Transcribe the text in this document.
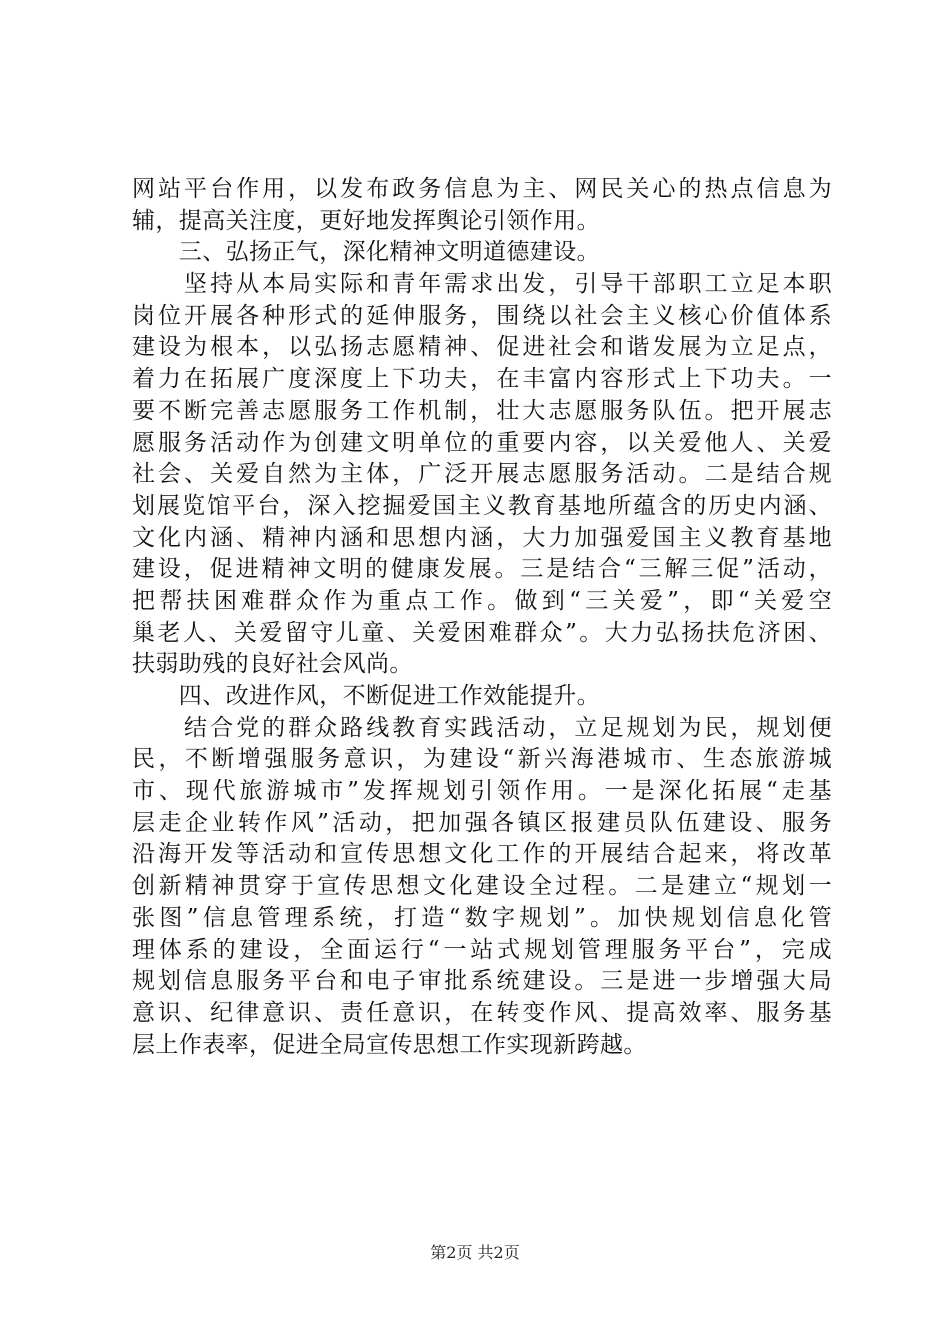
网站平台作用，以发布政务信息为主、网民关心的热点信息为
辅，提高关注度，更好地发挥舆论引领作用。
　　三、弘扬正气，深化精神文明道德建设。
　　坚持从本局实际和青年需求出发，引导干部职工立足本职
岗位开展各种形式的延伸服务，围绕以社会主义核心价值体系
建设为根本，以弘扬志愿精神、促进社会和谐发展为立足点，
着力在拓展广度深度上下功夫，在丰富内容形式上下功夫。一
要不断完善志愿服务工作机制，壮大志愿服务队伍。把开展志
愿服务活动作为创建文明单位的重要内容，以关爱他人、关爱
社会、关爱自然为主体，广泛开展志愿服务活动。二是结合规
划展览馆平台，深入挖掘爱国主义教育基地所蕴含的历史内涵、
文化内涵、精神内涵和思想内涵，大力加强爱国主义教育基地
建设，促进精神文明的健康发展。三是结合“三解三促”活动，
把帮扶困难群众作为重点工作。做到“三关爱”，即“关爱空
巢老人、关爱留守儿童、关爱困难群众”。大力弘扬扶危济困、
扶弱助残的良好社会风尚。
　　四、改进作风，不断促进工作效能提升。
　　结合党的群众路线教育实践活动，立足规划为民，规划便
民，不断增强服务意识，为建设“新兴海港城市、生态旅游城
市、现代旅游城市”发挥规划引领作用。一是深化拓展“走基
层走企业转作风”活动，把加强各镇区报建员队伍建设、服务
沿海开发等活动和宣传思想文化工作的开展结合起来，将改革
创新精神贯穿于宣传思想文化建设全过程。二是建立“规划一
张图”信息管理系统，打造“数字规划”。加快规划信息化管
理体系的建设，全面运行“一站式规划管理服务平台”，完成
规划信息服务平台和电子审批系统建设。三是进一步增强大局
意识、纪律意识、责任意识，在转变作风、提高效率、服务基
层上作表率，促进全局宣传思想工作实现新跨越。
第2页 共2页
